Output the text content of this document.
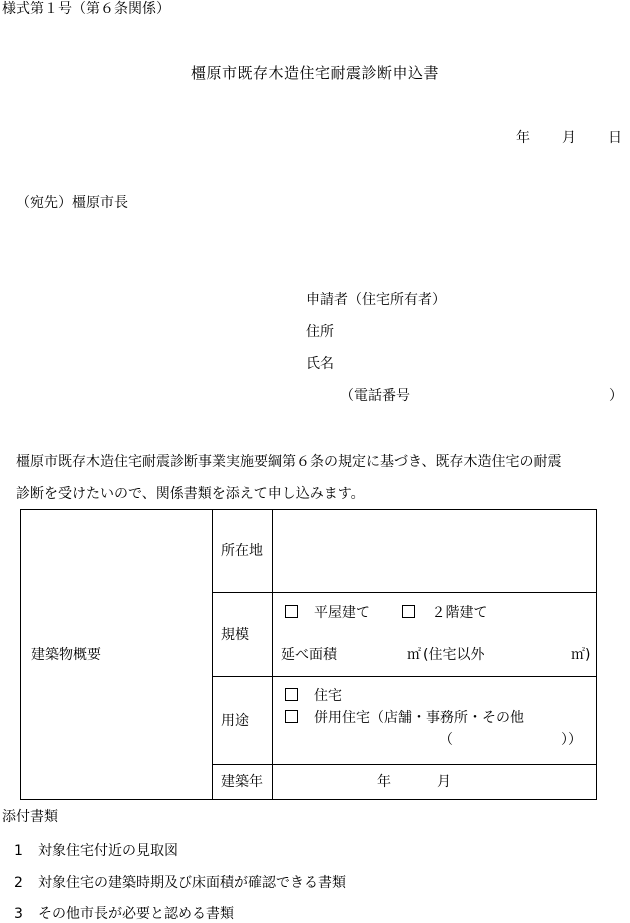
様式第１号（第６条関係）
橿原市既存木造住宅耐震診断申込書
年 月 日
（宛先）橿原市長
申請者（住宅所有者）
住所
氏名
（電話番号	）
橿原市既存木造住宅耐震診断事業実施要綱第６条の規定に基づき、既存木造住宅の耐震
診断を受けたいので、関係書類を添えて申し込みます。
建築物概要	所在地	
	規模	平屋建て ２階建て
延べ面積 ㎡ (住宅以外 ㎡)

	用途	住宅
併用住宅（店舗・事務所・その他
（ ））

	建築年	年 月
添付書類
1 対象住宅付近の見取図
2 対象住宅の建築時期及び床面積が確認できる書類
3 その他市長が必要と認める書類
